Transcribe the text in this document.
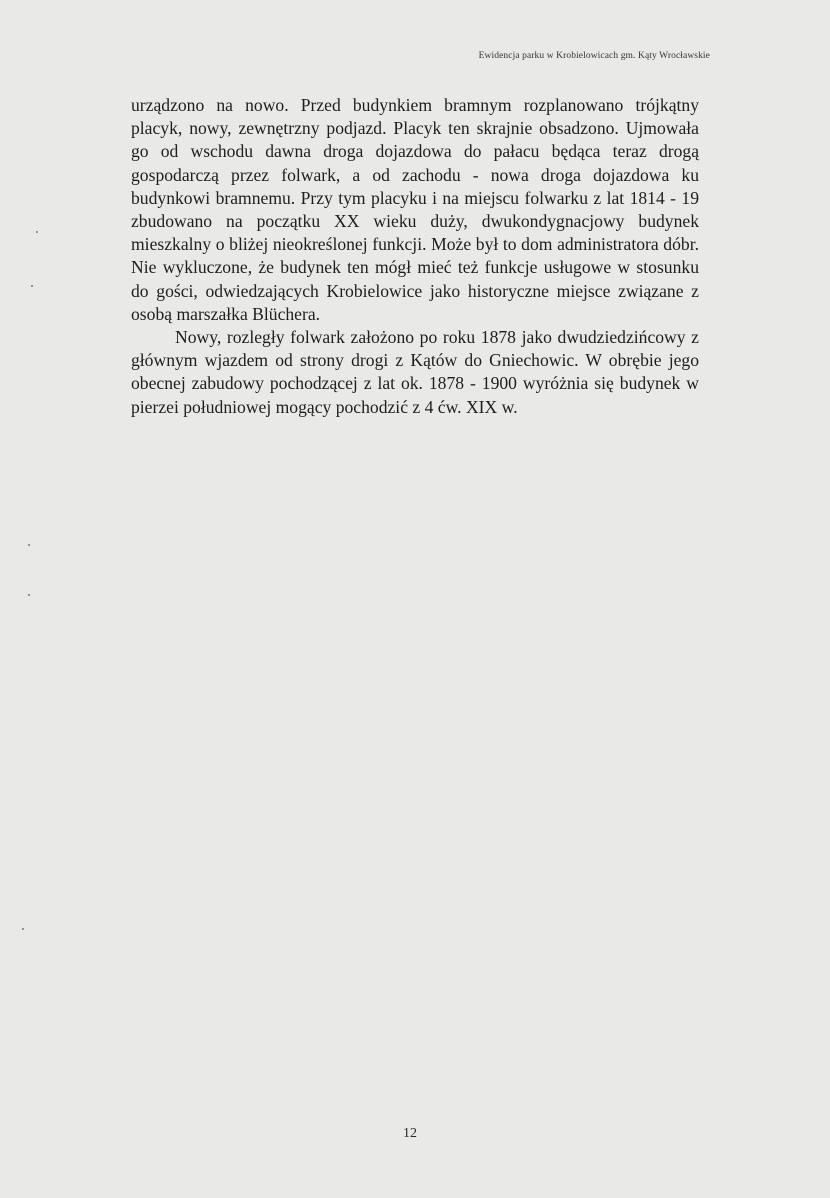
Ewidencja parku w Krobielowicach gm. Kąty Wrocławskie

urządzono na nowo. Przed budynkiem bramnym rozplanowano trójkątny placyk, nowy, zewnętrzny podjazd. Placyk ten skrajnie obsadzono. Ujmowała go od wschodu dawna droga dojazdowa do pałacu będąca teraz drogą gospodarczą przez folwark, a od zachodu - nowa droga dojazdowa ku budynkowi bramnemu. Przy tym placyku i na miejscu folwarku z lat 1814 - 19 zbudowano na początku XX wieku duży, dwukondygnacjowy budynek mieszkalny o bliżej nieokreślonej funkcji. Może był to dom administratora dóbr. Nie wykluczone, że budynek ten mógł mieć też funkcje usługowe w stosunku do gości, odwiedzających Krobielowice jako historyczne miejsce związane z osobą marszałka Blüchera.

Nowy, rozległy folwark założono po roku 1878 jako dwudziedzińcowy z głównym wjazdem od strony drogi z Kątów do Gniechowic. W obrębie jego obecnej zabudowy pochodzącej z lat ok. 1878 - 1900 wyróżnia się budynek w pierzei południowej mogący pochodzić z 4 ćw. XIX w.

12
